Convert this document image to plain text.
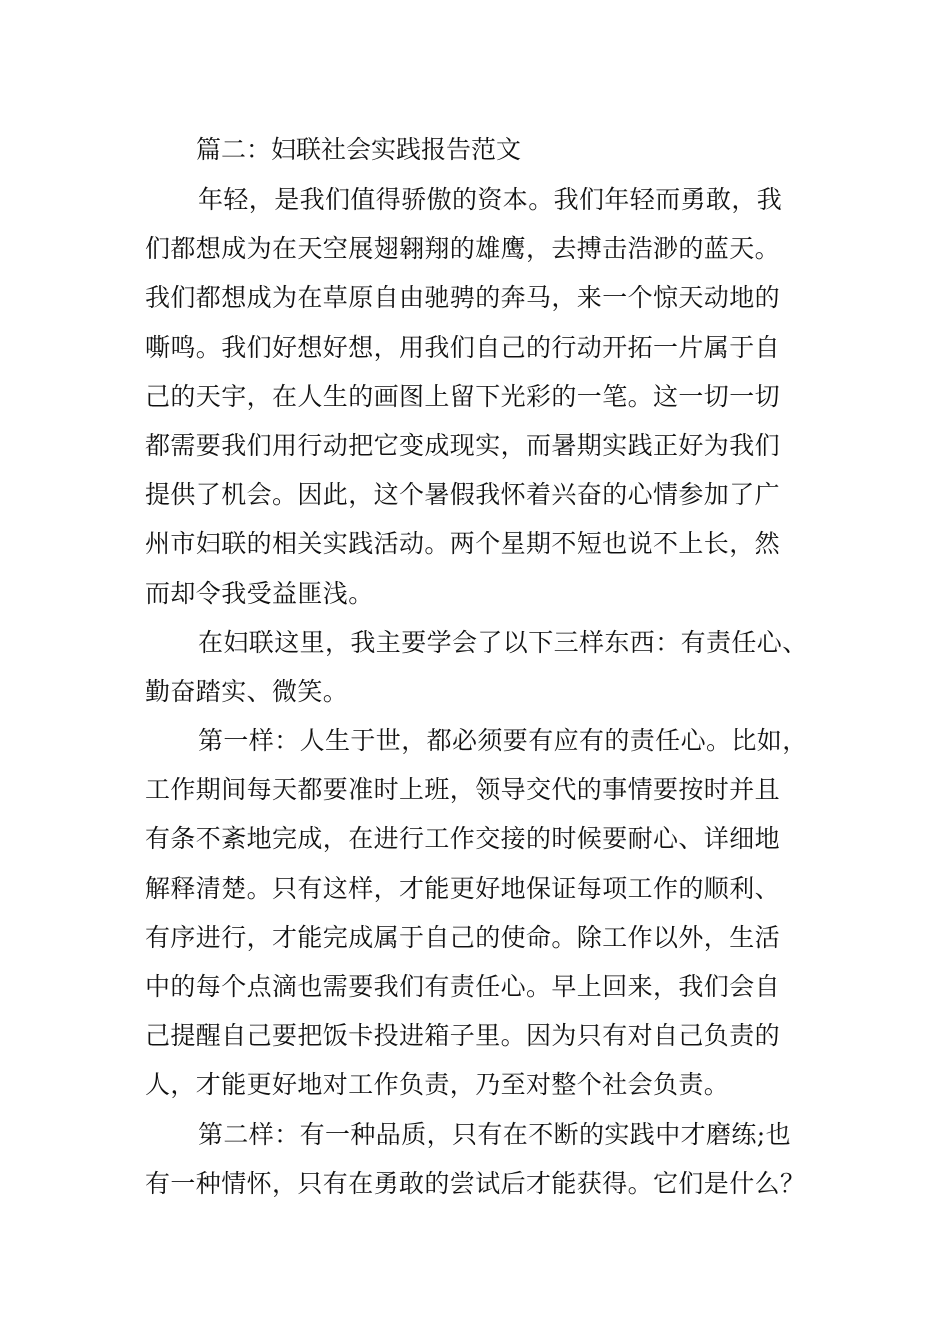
篇二：妇联社会实践报告范文
年轻，是我们值得骄傲的资本。我们年轻而勇敢，我
们都想成为在天空展翅翱翔的雄鹰，去搏击浩渺的蓝天。
我们都想成为在草原自由驰骋的奔马，来一个惊天动地的
嘶鸣。我们好想好想，用我们自己的行动开拓一片属于自
己的天宇，在人生的画图上留下光彩的一笔。这一切一切
都需要我们用行动把它变成现实，而暑期实践正好为我们
提供了机会。因此，这个暑假我怀着兴奋的心情参加了广
州市妇联的相关实践活动。两个星期不短也说不上长，然
而却令我受益匪浅。
在妇联这里，我主要学会了以下三样东西：有责任心、
勤奋踏实、微笑。
第一样：人生于世，都必须要有应有的责任心。比如，
工作期间每天都要准时上班，领导交代的事情要按时并且
有条不紊地完成，在进行工作交接的时候要耐心、详细地
解释清楚。只有这样，才能更好地保证每项工作的顺利、
有序进行，才能完成属于自己的使命。除工作以外，生活
中的每个点滴也需要我们有责任心。早上回来，我们会自
己提醒自己要把饭卡投进箱子里。因为只有对自己负责的
人，才能更好地对工作负责，乃至对整个社会负责。
第二样：有一种品质，只有在不断的实践中才磨练;也
有一种情怀，只有在勇敢的尝试后才能获得。它们是什么？
